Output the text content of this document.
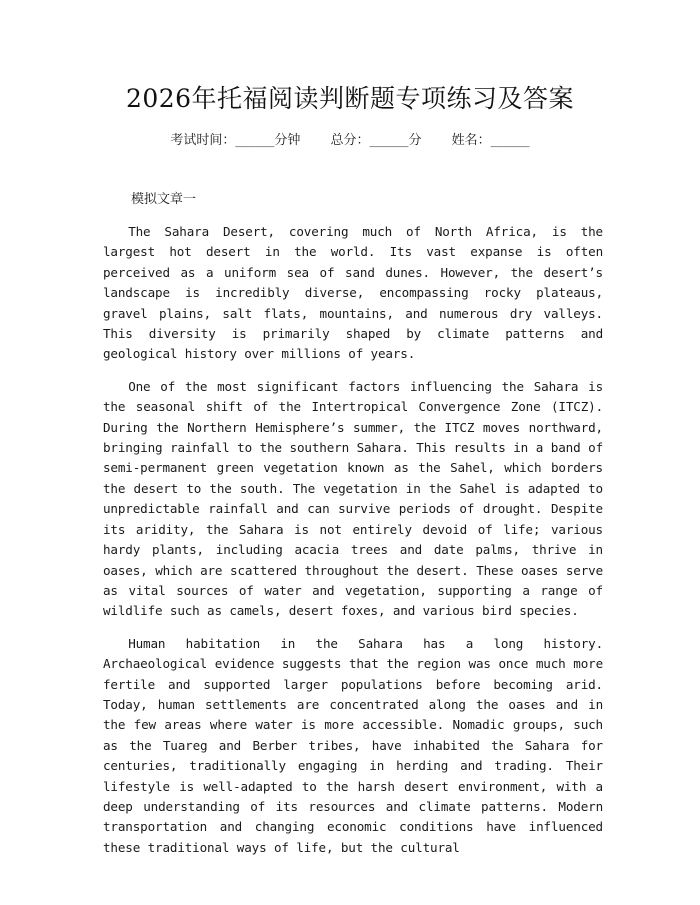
2026年托福阅读判断题专项练习及答案
考试时间：______分钟 总分：______分 姓名：______
模拟文章一

The Sahara Desert, covering much of North Africa, is the largest hot desert in the world. Its vast expanse is often perceived as a uniform sea of sand dunes. However, the desert’s landscape is incredibly diverse, encompassing rocky plateaus, gravel plains, salt flats, mountains, and numerous dry valleys. This diversity is primarily shaped by climate patterns and geological history over millions of years.

One of the most significant factors influencing the Sahara is the seasonal shift of the Intertropical Convergence Zone (ITCZ). During the Northern Hemisphere’s summer, the ITCZ moves northward, bringing rainfall to the southern Sahara. This results in a band of semi-permanent green vegetation known as the Sahel, which borders the desert to the south. The vegetation in the Sahel is adapted to unpredictable rainfall and can survive periods of drought. Despite its aridity, the Sahara is not entirely devoid of life; various hardy plants, including acacia trees and date palms, thrive in oases, which are scattered throughout the desert. These oases serve as vital sources of water and vegetation, supporting a range of wildlife such as camels, desert foxes, and various bird species.

Human habitation in the Sahara has a long history. Archaeological evidence suggests that the region was once much more fertile and supported larger populations before becoming arid. Today, human settlements are concentrated along the oases and in the few areas where water is more accessible. Nomadic groups, such as the Tuareg and Berber tribes, have inhabited the Sahara for centuries, traditionally engaging in herding and trading. Their lifestyle is well-adapted to the harsh desert environment, with a deep understanding of its resources and climate patterns. Modern transportation and changing economic conditions have influenced these traditional ways of life, but the cultural
